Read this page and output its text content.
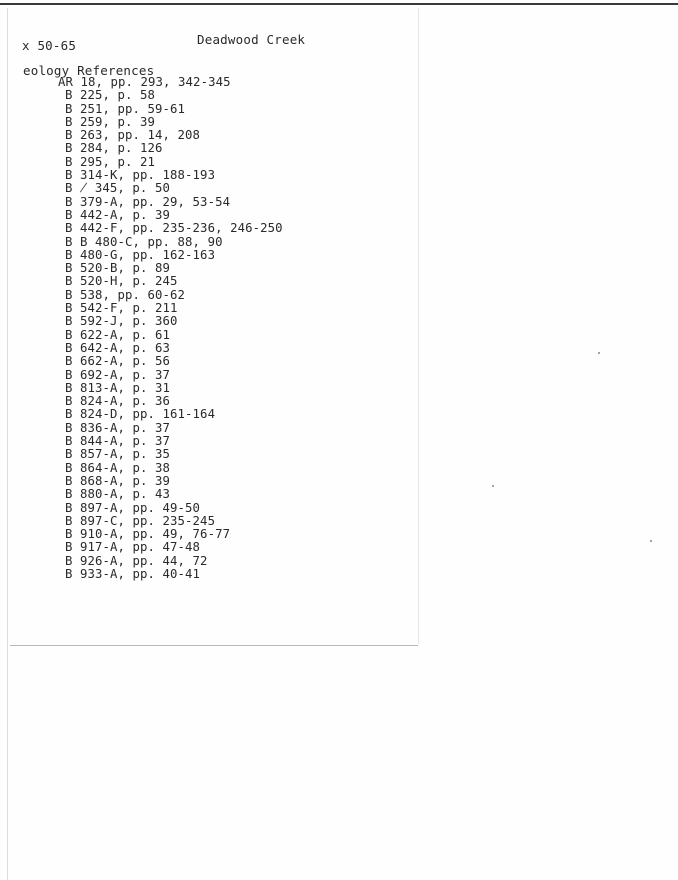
x 50-65	Deadwood Creek
eology References
AR 18, pp. 293, 342-345
B 225, p. 58
B 251, pp. 59-61
B 259, p. 39
B 263, pp. 14, 208
B 284, p. 126
B 295, p. 21
B 314-K, pp. 188-193
B ̸ 345, p. 50
B 379-A, pp. 29, 53-54
B 442-A, p. 39
B 442-F, pp. 235-236, 246-250
B B 480-C, pp. 88, 90
B 480-G, pp. 162-163
B 520-B, p. 89
B 520-H, p. 245
B 538, pp. 60-62
B 542-F, p. 211
B 592-J, p. 360
B 622-A, p. 61
B 642-A, p. 63
B 662-A, p. 56
B 692-A, p. 37
B 813-A, p. 31
B 824-A, p. 36
B 824-D, pp. 161-164
B 836-A, p. 37
B 844-A, p. 37
B 857-A, p. 35
B 864-A, p. 38
B 868-A, p. 39
B 880-A, p. 43
B 897-A, pp. 49-50
B 897-C, pp. 235-245
B 910-A, pp. 49, 76-77
B 917-A, pp. 47-48
B 926-A, pp. 44, 72
B 933-A, pp. 40-41
